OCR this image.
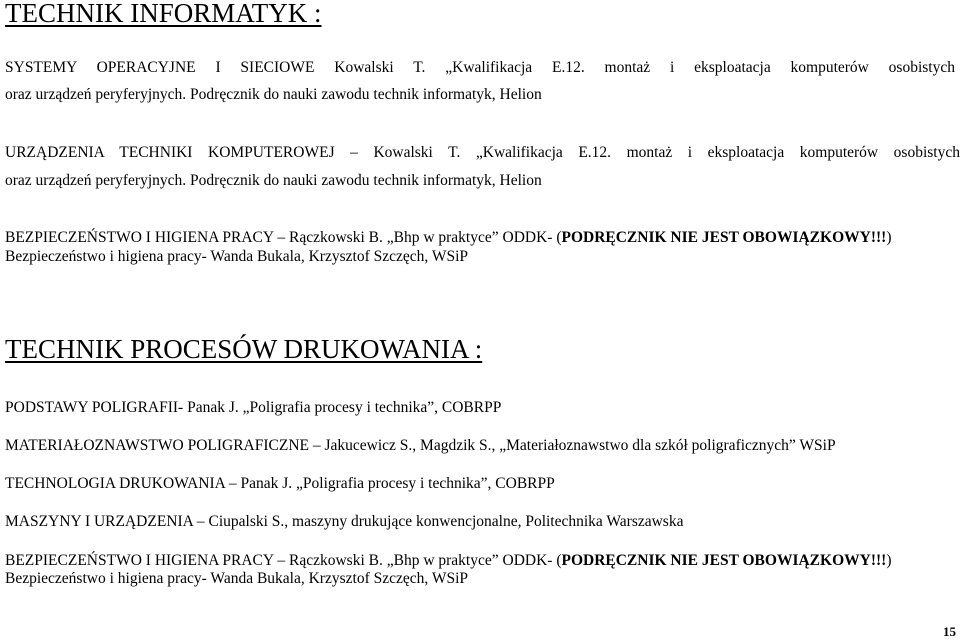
TECHNIK INFORMATYK :
SYSTEMY OPERACYJNE I SIECIOWE Kowalski T. „Kwalifikacja E.12. montaż i eksploatacja komputerów osobistych
oraz urządzeń peryferyjnych. Podręcznik do nauki zawodu technik informatyk, Helion
URZĄDZENIA TECHNIKI KOMPUTEROWEJ – Kowalski T. „Kwalifikacja E.12. montaż i eksploatacja komputerów osobistych
oraz urządzeń peryferyjnych. Podręcznik do nauki zawodu technik informatyk, Helion
BEZPIECZEŃSTWO I HIGIENA PRACY – Rączkowski B. „Bhp w praktyce” ODDK- (PODRĘCZNIK NIE JEST OBOWIĄZKOWY!!!)
Bezpieczeństwo i higiena pracy- Wanda Bukala, Krzysztof Szczęch, WSiP
TECHNIK PROCESÓW DRUKOWANIA :
PODSTAWY POLIGRAFII- Panak J. „Poligrafia procesy i technika”, COBRPP
MATERIAŁOZNAWSTWO POLIGRAFICZNE – Jakucewicz S., Magdzik S., „Materiałoznawstwo dla szkół poligraficznych” WSiP
TECHNOLOGIA DRUKOWANIA – Panak J. „Poligrafia procesy i technika”, COBRPP
MASZYNY I URZĄDZENIA – Ciupalski S., maszyny drukujące konwencjonalne, Politechnika Warszawska
BEZPIECZEŃSTWO I HIGIENA PRACY – Rączkowski B. „Bhp w praktyce” ODDK- (PODRĘCZNIK NIE JEST OBOWIĄZKOWY!!!)
Bezpieczeństwo i higiena pracy- Wanda Bukala, Krzysztof Szczęch, WSiP
15
